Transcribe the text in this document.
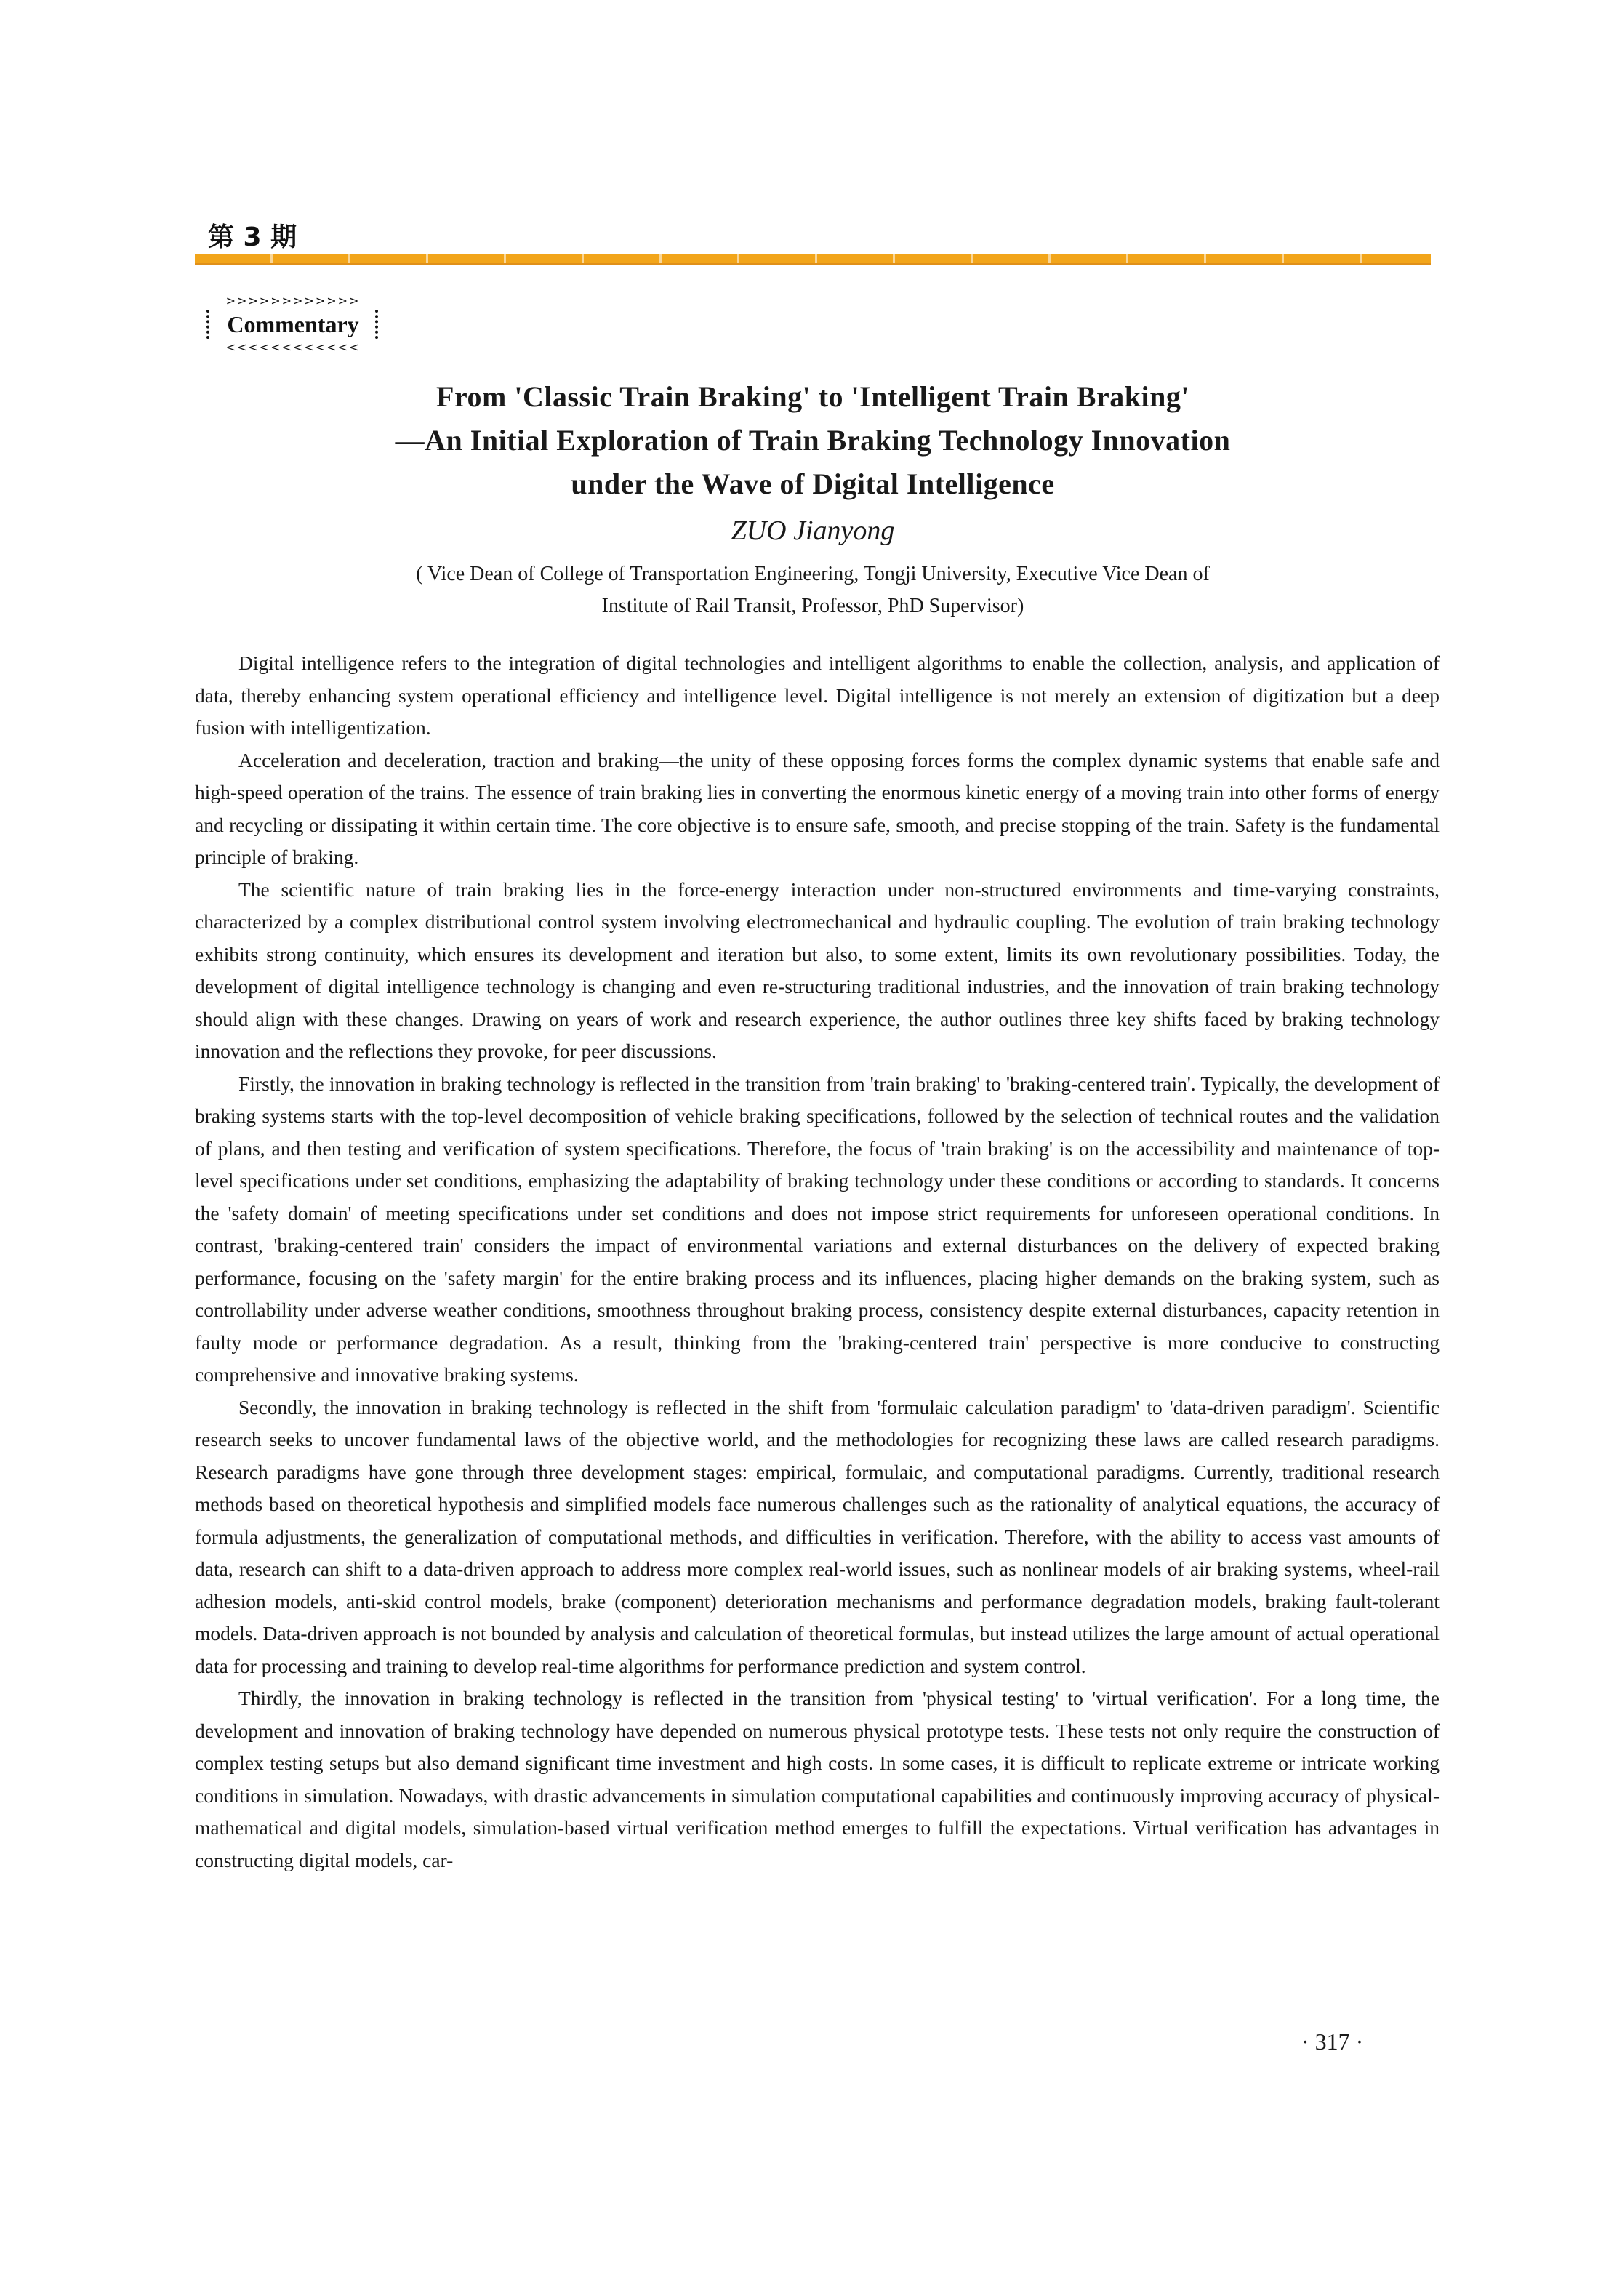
第 3 期
>>>>>>>>>>>>
Commentary
<<<<<<<<<<<<
From 'Classic Train Braking' to 'Intelligent Train Braking'
—An Initial Exploration of Train Braking Technology Innovation
under the Wave of Digital Intelligence
ZUO Jianyong
( Vice Dean of College of Transportation Engineering, Tongji University, Executive Vice Dean of
Institute of Rail Transit, Professor, PhD Supervisor)

Digital intelligence refers to the integration of digital technologies and intelligent algorithms to enable the collection, analysis, and application of data, thereby enhancing system operational efficiency and intelligence level. Digital intelligence is not merely an extension of digitization but a deep fusion with intelligentization.

Acceleration and deceleration, traction and braking—the unity of these opposing forces forms the complex dynamic systems that enable safe and high-speed operation of the trains. The essence of train braking lies in converting the enormous kinetic energy of a moving train into other forms of energy and recycling or dissipating it within certain time. The core objective is to ensure safe, smooth, and precise stopping of the train. Safety is the fundamental principle of braking.

The scientific nature of train braking lies in the force-energy interaction under non-structured environments and time-varying constraints, characterized by a complex distributional control system involving electromechanical and hydraulic coupling. The evolution of train braking technology exhibits strong continuity, which ensures its development and iteration but also, to some extent, limits its own revolutionary possibilities. Today, the development of digital intelligence technology is changing and even re-structuring traditional industries, and the innovation of train braking technology should align with these changes. Drawing on years of work and research experience, the author outlines three key shifts faced by braking technology innovation and the reflections they provoke, for peer discussions.

Firstly, the innovation in braking technology is reflected in the transition from 'train braking' to 'braking-centered train'. Typically, the development of braking systems starts with the top-level decomposition of vehicle braking specifications, followed by the selection of technical routes and the validation of plans, and then testing and verification of system specifications. Therefore, the focus of 'train braking' is on the accessibility and maintenance of top-level specifications under set conditions, emphasizing the adaptability of braking technology under these conditions or according to standards. It concerns the 'safety domain' of meeting specifications under set conditions and does not impose strict requirements for unforeseen operational conditions. In contrast, 'braking-centered train' considers the impact of environmental variations and external disturbances on the delivery of expected braking performance, focusing on the 'safety margin' for the entire braking process and its influences, placing higher demands on the braking system, such as controllability under adverse weather conditions, smoothness throughout braking process, consistency despite external disturbances, capacity retention in faulty mode or performance degradation. As a result, thinking from the 'braking-centered train' perspective is more conducive to constructing comprehensive and innovative braking systems.

Secondly, the innovation in braking technology is reflected in the shift from 'formulaic calculation paradigm' to 'data-driven paradigm'. Scientific research seeks to uncover fundamental laws of the objective world, and the methodologies for recognizing these laws are called research paradigms. Research paradigms have gone through three development stages: empirical, formulaic, and computational paradigms. Currently, traditional research methods based on theoretical hypothesis and simplified models face numerous challenges such as the rationality of analytical equations, the accuracy of formula adjustments, the generalization of computational methods, and difficulties in verification. Therefore, with the ability to access vast amounts of data, research can shift to a data-driven approach to address more complex real-world issues, such as nonlinear models of air braking systems, wheel-rail adhesion models, anti-skid control models, brake (component) deterioration mechanisms and performance degradation models, braking fault-tolerant models. Data-driven approach is not bounded by analysis and calculation of theoretical formulas, but instead utilizes the large amount of actual operational data for processing and training to develop real-time algorithms for performance prediction and system control.

Thirdly, the innovation in braking technology is reflected in the transition from 'physical testing' to 'virtual verification'. For a long time, the development and innovation of braking technology have depended on numerous physical prototype tests. These tests not only require the construction of complex testing setups but also demand significant time investment and high costs. In some cases, it is difficult to replicate extreme or intricate working conditions in simulation. Nowadays, with drastic advancements in simulation computational capabilities and continuously improving accuracy of physical-mathematical and digital models, simulation-based virtual verification method emerges to fulfill the expectations. Virtual verification has advantages in constructing digital models, car-

· 317 ·
